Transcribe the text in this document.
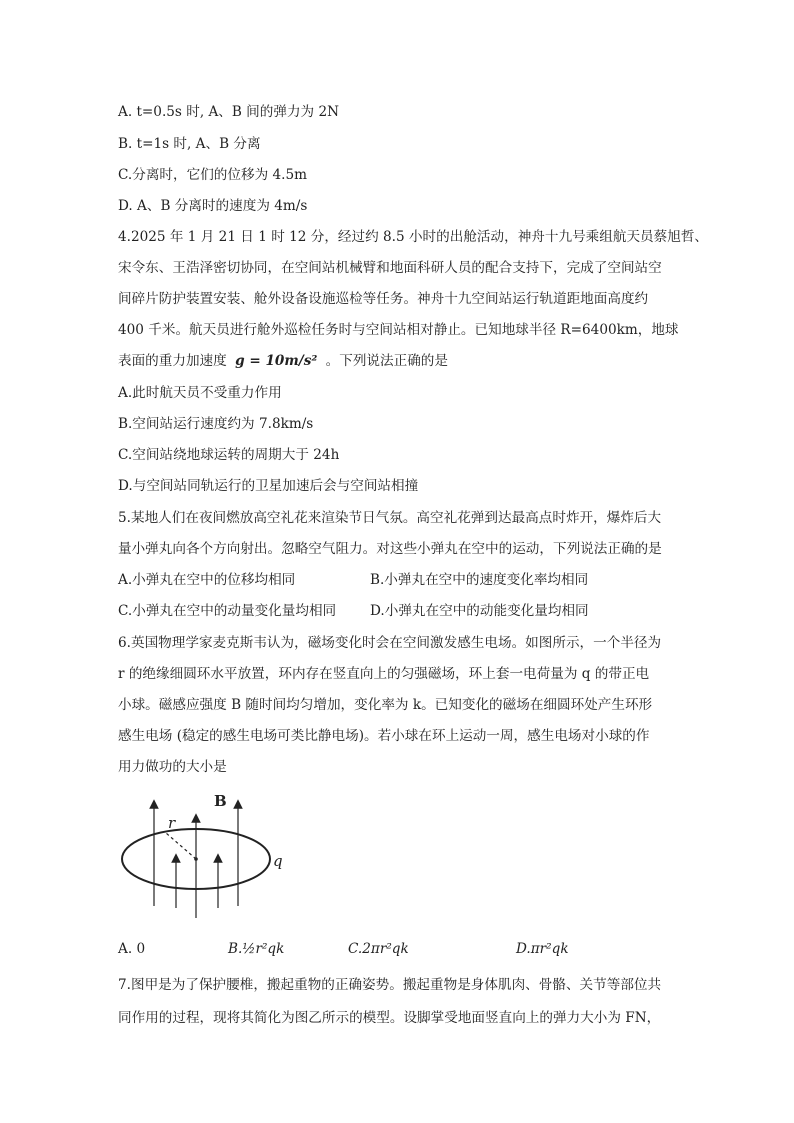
A. t=0.5s 时, A、B 间的弹力为 2N
B. t=1s 时, A、B 分离
C.分离时，它们的位移为 4.5m
D. A、B 分离时的速度为 4m/s
4.2025 年 1 月 21 日 1 时 12 分，经过约 8.5 小时的出舱活动，神舟十九号乘组航天员蔡旭哲、
宋令东、王浩泽密切协同，在空间站机械臂和地面科研人员的配合支持下，完成了空间站空
间碎片防护装置安装、舱外设备设施巡检等任务。神舟十九空间站运行轨道距地面高度约
400 千米。航天员进行舱外巡检任务时与空间站相对静止。已知地球半径 R=6400km，地球
表面的重力加速度 g = 10m/s² 。下列说法正确的是
A.此时航天员不受重力作用
B.空间站运行速度约为 7.8km/s
C.空间站绕地球运转的周期大于 24h
D.与空间站同轨运行的卫星加速后会与空间站相撞
5.某地人们在夜间燃放高空礼花来渲染节日气氛。高空礼花弹到达最高点时炸开，爆炸后大
量小弹丸向各个方向射出。忽略空气阻力。对这些小弹丸在空中的运动，下列说法正确的是
A.小弹丸在空中的位移均相同	B.小弹丸在空中的速度变化率均相同
C.小弹丸在空中的动量变化量均相同 D.小弹丸在空中的动能变化量均相同
6.英国物理学家麦克斯韦认为，磁场变化时会在空间激发感生电场。如图所示，一个半径为
r 的绝缘细圆环水平放置，环内存在竖直向上的匀强磁场，环上套一电荷量为 q 的带正电
小球。磁感应强度 B 随时间均匀增加，变化率为 k。已知变化的磁场在细圆环处产生环形
感生电场 (稳定的感生电场可类比静电场)。若小球在环上运动一周，感生电场对小球的作
用力做功的大小是
B
r
q
A. 0	B.½r²qk	C.2πr²qk	D.πr²qk
7.图甲是为了保护腰椎，搬起重物的正确姿势。搬起重物是身体肌肉、骨骼、关节等部位共
同作用的过程，现将其简化为图乙所示的模型。设脚掌受地面竖直向上的弹力大小为 FN，
